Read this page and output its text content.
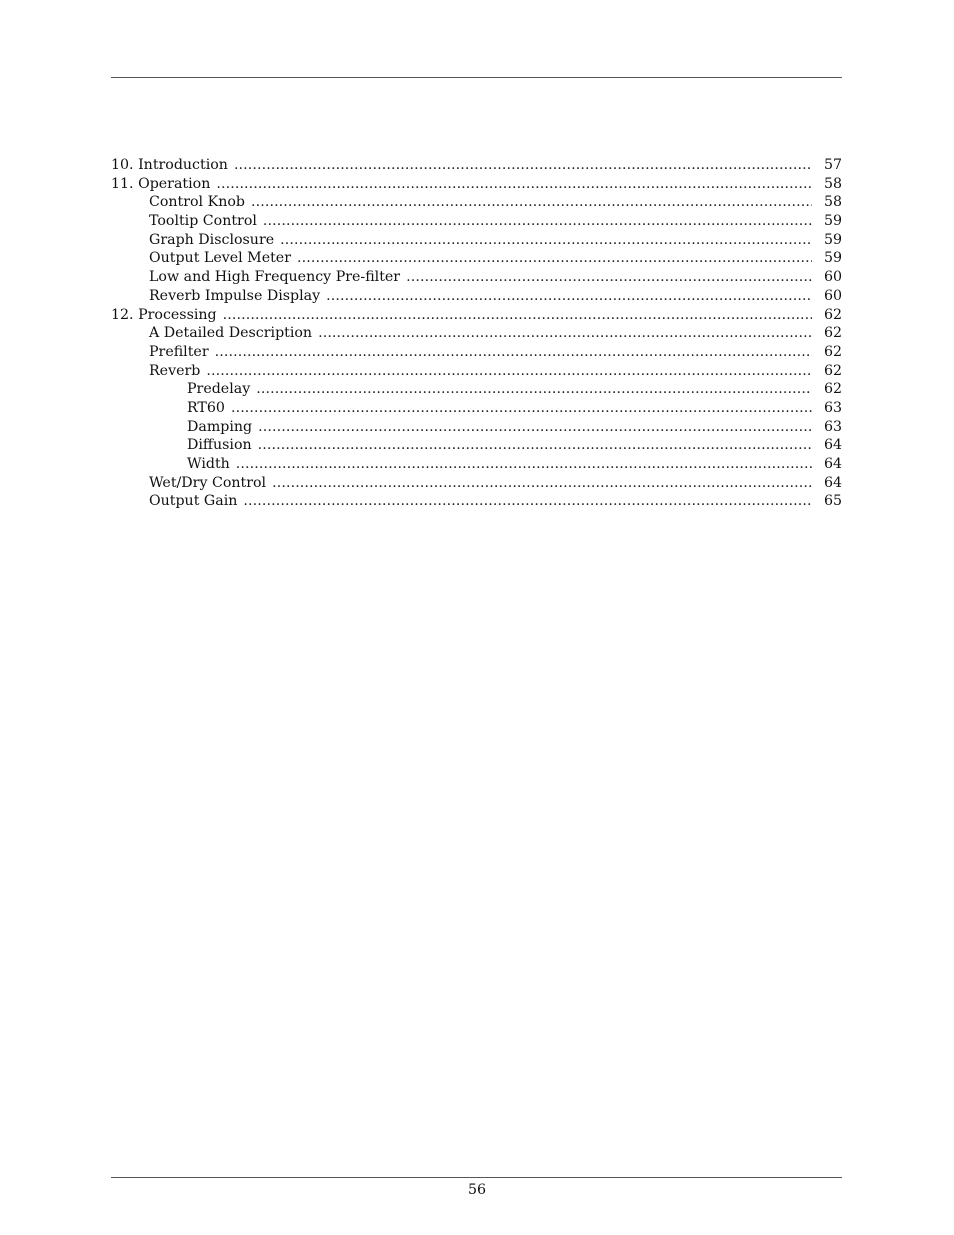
10. Introduction . . .	57
11. Operation . . .	58
Control Knob . . .	58
Tooltip Control . . .	59
Graph Disclosure . . .	59
Output Level Meter . . .	59
Low and High Frequency Pre-filter . . .	60
Reverb Impulse Display . . .	60
12. Processing . . .	62
A Detailed Description . . .	62
Prefilter . . .	62
Reverb . . .	62
Predelay . . .	62
RT60 . . .	63
Damping . . .	63
Diffusion . . .	64
Width . . .	64
Wet/Dry Control . . .	64
Output Gain . . .	65
56
